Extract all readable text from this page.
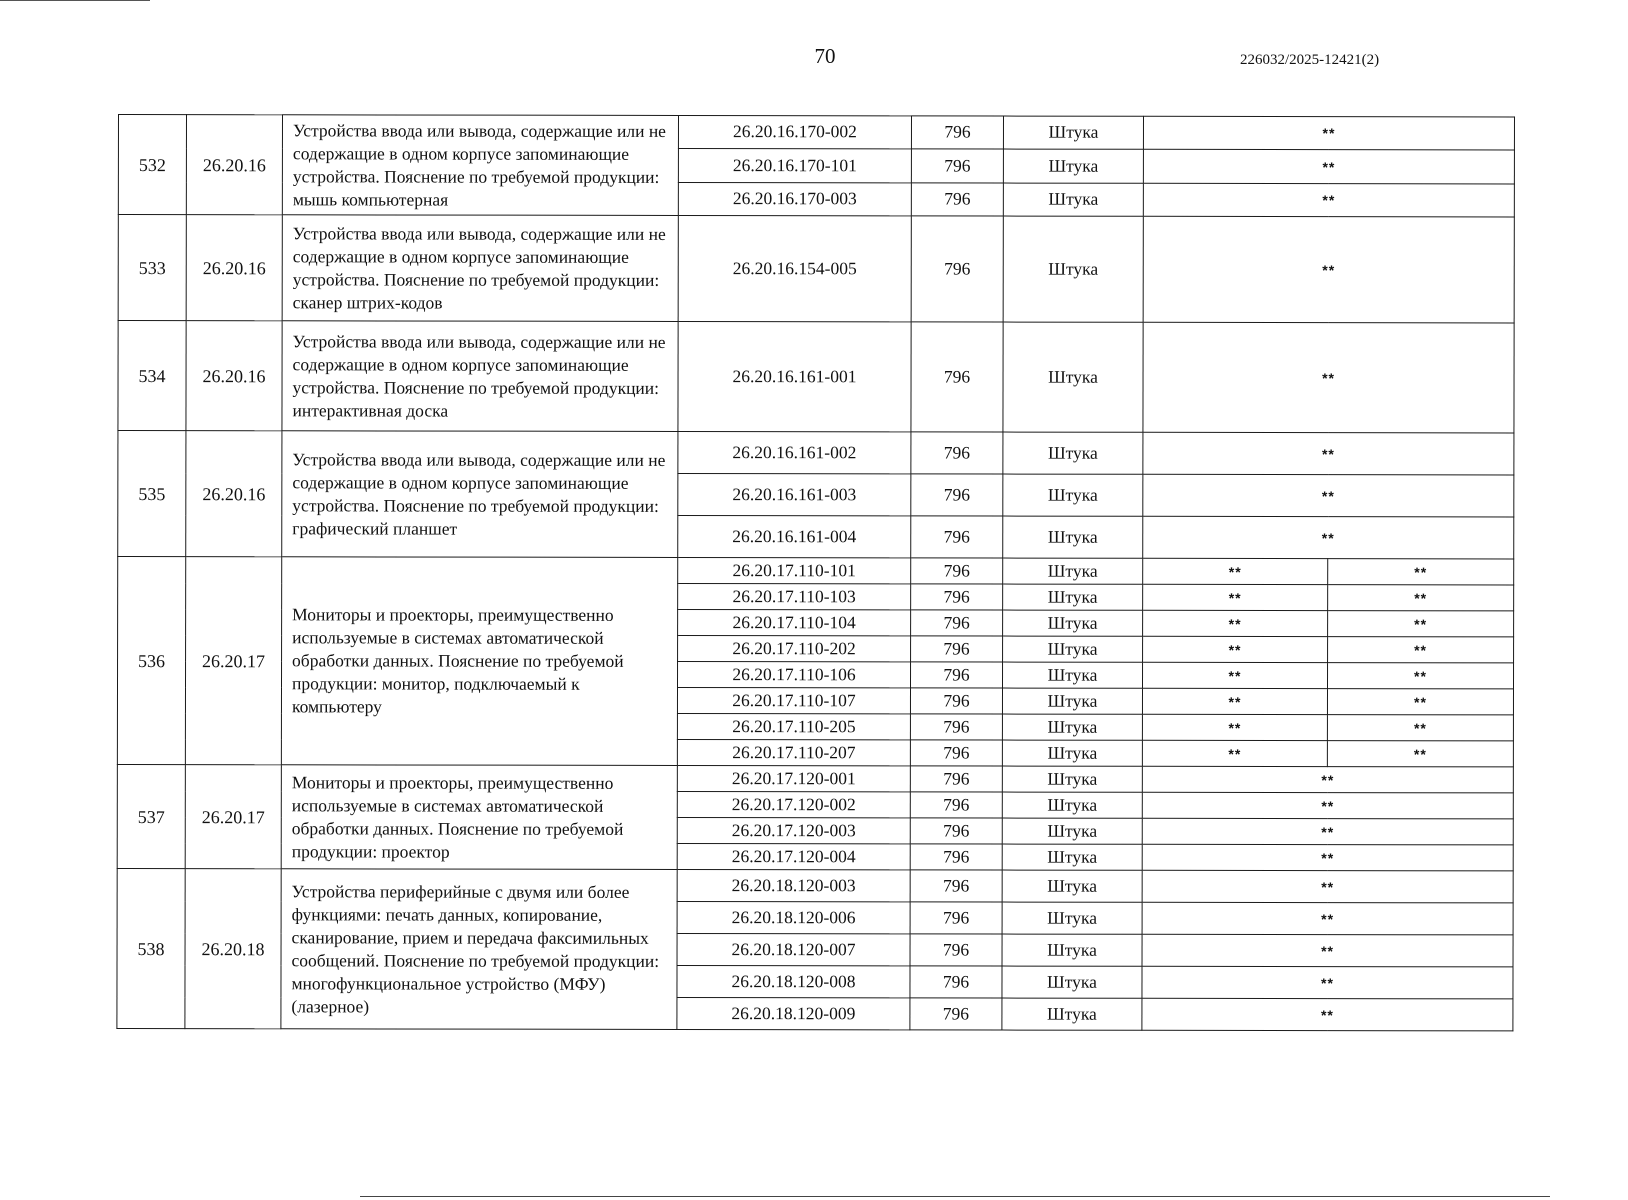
70	226032/2025-12421(2)
532	26.20.16	Устройства ввода или вывода, содержащие или не содержащие в одном корпусе запоминающие устройства. Пояснение по требуемой продукции: мышь компьютерная	26.20.16.170-002	796	Штука	**	
			26.20.16.170-101	796	Штука	**	
			26.20.16.170-003	796	Штука	**	
533	26.20.16	Устройства ввода или вывода, содержащие или не содержащие в одном корпусе запоминающие устройства. Пояснение по требуемой продукции: сканер штрих-кодов	26.20.16.154-005	796	Штука	**	
534	26.20.16	Устройства ввода или вывода, содержащие или не содержащие в одном корпусе запоминающие устройства. Пояснение по требуемой продукции: интерактивная доска	26.20.16.161-001	796	Штука	**	
535	26.20.16	Устройства ввода или вывода, содержащие или не содержащие в одном корпусе запоминающие устройства. Пояснение по требуемой продукции: графический планшет	26.20.16.161-002	796	Штука	**	
			26.20.16.161-003	796	Штука	**	
			26.20.16.161-004	796	Штука	**	
536	26.20.17	Мониторы и проекторы, преимущественно используемые в системах автоматической обработки данных. Пояснение по требуемой продукции: монитор, подключаемый к компьютеру	26.20.17.110-101	796	Штука	**	**
			26.20.17.110-103	796	Штука	**	**
			26.20.17.110-104	796	Штука	**	**
			26.20.17.110-202	796	Штука	**	**
			26.20.17.110-106	796	Штука	**	**
			26.20.17.110-107	796	Штука	**	**
			26.20.17.110-205	796	Штука	**	**
			26.20.17.110-207	796	Штука	**	**
537	26.20.17	Мониторы и проекторы, преимущественно используемые в системах автоматической обработки данных. Пояснение по требуемой продукции: проектор	26.20.17.120-001	796	Штука	**	
			26.20.17.120-002	796	Штука	**	
			26.20.17.120-003	796	Штука	**	
			26.20.17.120-004	796	Штука	**	
538	26.20.18	Устройства периферийные с двумя или более функциями: печать данных, копирование, сканирование, прием и передача факсимильных сообщений. Пояснение по требуемой продукции: многофункциональное устройство (МФУ) (лазерное)	26.20.18.120-003	796	Штука	**	
			26.20.18.120-006	796	Штука	**	
			26.20.18.120-007	796	Штука	**	
			26.20.18.120-008	796	Штука	**	
			26.20.18.120-009	796	Штука	**	
